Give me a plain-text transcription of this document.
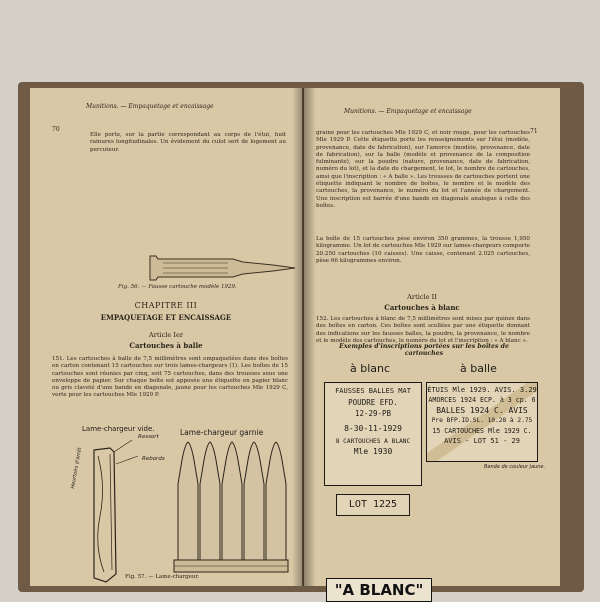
70
Munitions. — Empaquetage et encaissage
Elle porte, sur la partie correspondant au corps de l'étui, huit rainures longitudinales. Un évidement du culot sert de logement au percuteur.
Fig. 56. — Fausse cartouche modèle 1929.
CHAPITRE III
EMPAQUETAGE ET ENCAISSAGE
Article Ier
Cartouches à balle
151. Les cartouches à balle de 7,5 millimètres sont empaquetées dans des boîtes en carton contenant 15 cartouches sur trois lames-chargeurs (1). Les boîtes de 15 cartouches sont réunies par cinq, soit 75 cartouches, dans des trousses sous une enveloppe de papier. Sur chaque boîte est apposée une étiquette en papier blanc ou gris claveté d'une bande en diagonale, jaune pour les cartouches Mle 1929 C, verte pour les cartouches Mle 1929 P.
Lame-chargeur vide.	Lame-chargeur garnie
Ressort
Rebords
Heurtoirs d'arrêt
Fig. 57. — Lame-chargeur.
Munitions. — Empaquetage et encaissage
71
graine pour les cartouches Mle 1929 C, et noir rouge, pour les cartouches Mle 1929 P. Cette étiquette porte les renseignements sur l'étui (modèle, provenance, date de fabrication), sur l'amorce (modèle, provenance, date de fabrication), sur la balle (modèle et provenance de la composition fulminante), sur la poudre (nature, provenance, date de fabrication, numéro du lot), et la date du chargement, le lot, le nombre de cartouches, ainsi que l'inscription : « A balle ». Les trousses de cartouches portent une étiquette indiquant le nombre de boîtes, le nombre et le modèle des cartouches, la provenance, le numéro du lot et l'année de chargement. Une inscription est barrée d'une bande en diagonale analogue à celle des boîtes.
La boîte de 15 cartouches pèse environ 350 grammes, la trousse 1,950 kilogramme. Un lot de cartouches Mle 1929 sur lames-chargeurs comporte 20.250 cartouches (10 caisses). Une caisse, contenant 2.025 cartouches, pèse 66 kilogrammes environ.
Article II
Cartouches à blanc
152. Les cartouches à blanc de 7,5 millimètres sont mises par quinze dans des boîtes en carton. Ces boîtes sont scellées par une étiquette donnant des indications sur les fausses balles, la poudre, la provenance, le nombre et le modèle des cartouches, le numéro du lot et l'inscription : « A blanc ».
Exemples d'inscriptions portées sur les boîtes de cartouches
à blanc	à balle
FAUSSES BALLES MAT
POUDRE EFD.
12-29-PB
8-30-11-1929
8 CARTOUCHES A BLANC
Mle 1930
LOT 1225
ÉTUIS Mle 1929. AVIS. 3.29
AMORCES 1924 ECP. à 3 cp. 6
BALLES 1924 C. AVIS
Pre BFP.ID.SL. 10.28 à 2.75
15 CARTOUCHES Mle 1929 C.
AVIS - LOT 51 - 29
Bande de couleur jaune.
"A BLANC"
